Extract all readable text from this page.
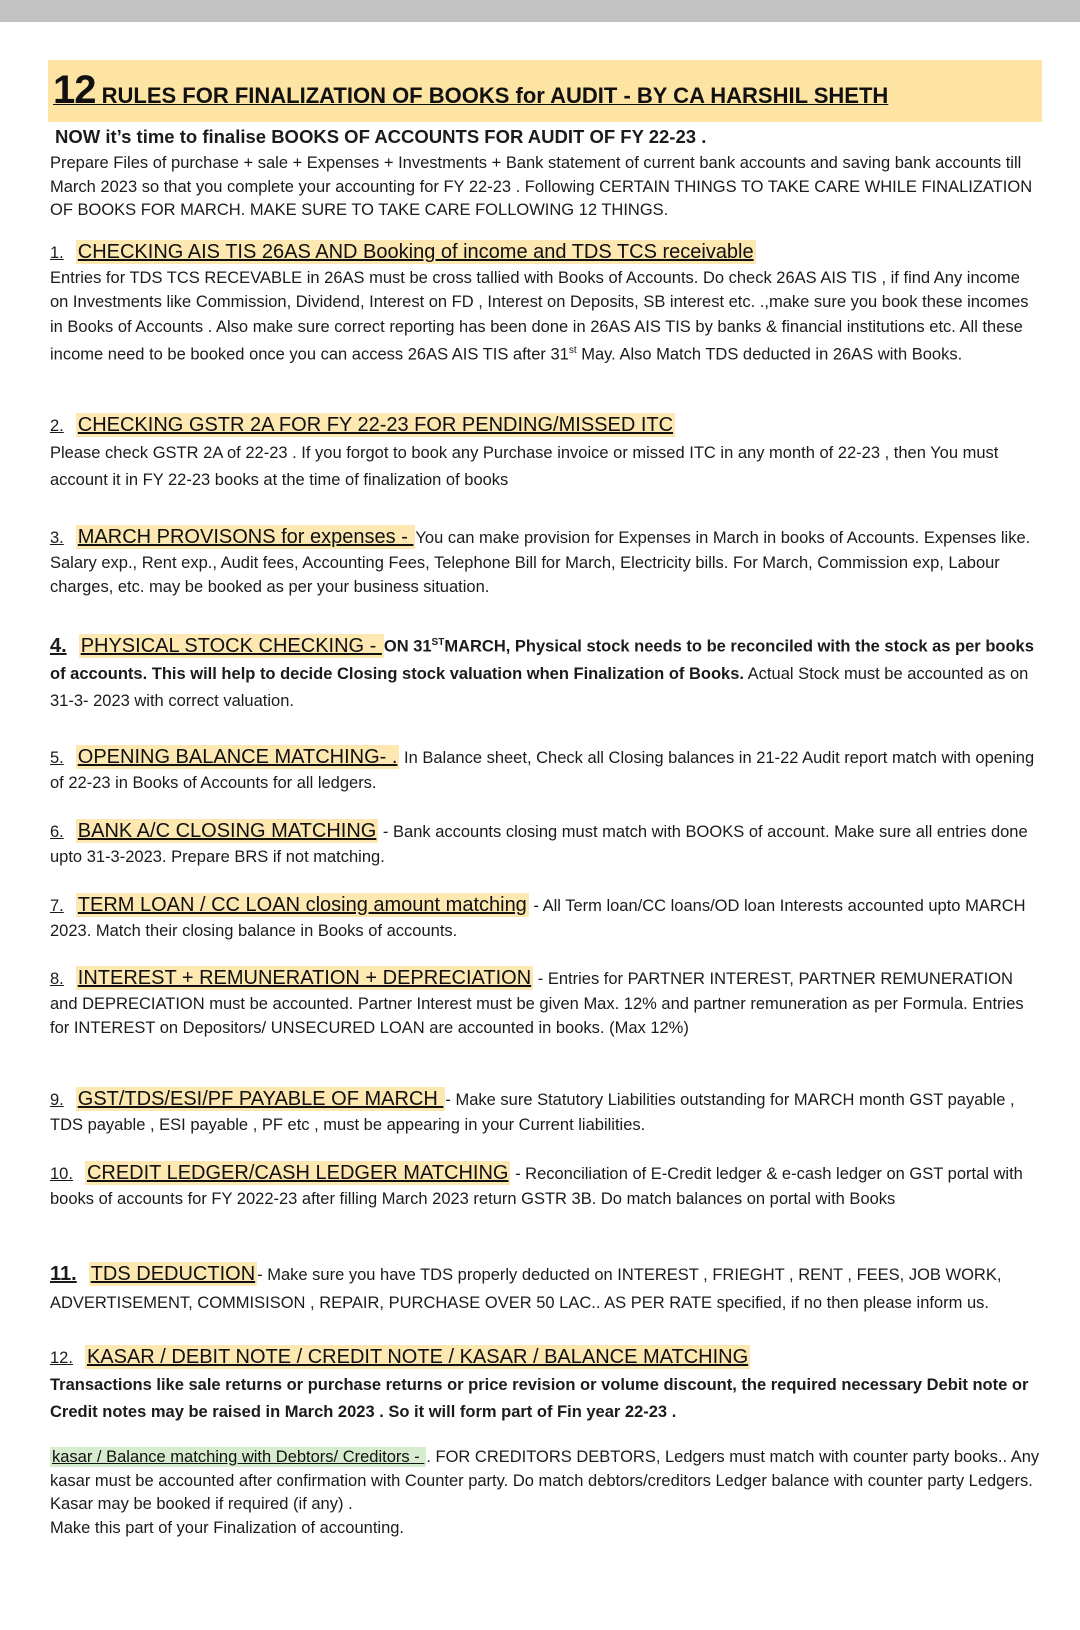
12 RULES FOR FINALIZATION OF BOOKS for AUDIT - BY CA HARSHIL SHETH
NOW it’s time to finalise BOOKS OF ACCOUNTS FOR AUDIT OF FY 22-23 .
Prepare Files of purchase + sale + Expenses + Investments + Bank statement of current bank accounts and saving bank accounts till March 2023 so that you complete your accounting for FY 22-23 . Following CERTAIN THINGS TO TAKE CARE WHILE FINALIZATION OF BOOKS FOR MARCH. MAKE SURE TO TAKE CARE FOLLOWING 12 THINGS.
1. CHECKING AIS TIS 26AS AND Booking of income and TDS TCS receivable
Entries for TDS TCS RECEVABLE in 26AS must be cross tallied with Books of Accounts. Do check 26AS AIS TIS , if find Any income on Investments like Commission, Dividend, Interest on FD , Interest on Deposits, SB interest etc. .,make sure you book these incomes in Books of Accounts . Also make sure correct reporting has been done in 26AS AIS TIS by banks & financial institutions etc. All these income need to be booked once you can access 26AS AIS TIS after 31st May. Also Match TDS deducted in 26AS with Books.
2. CHECKING GSTR 2A FOR FY 22-23 FOR PENDING/MISSED ITC
Please check GSTR 2A of 22-23 . If you forgot to book any Purchase invoice or missed ITC in any month of 22-23 , then You must account it in FY 22-23 books at the time of finalization of books
3. MARCH PROVISONS for expenses - You can make provision for Expenses in March in books of Accounts. Expenses like. Salary exp., Rent exp., Audit fees, Accounting Fees, Telephone Bill for March, Electricity bills. For March, Commission exp, Labour charges, etc. may be booked as per your business situation.
4. PHYSICAL STOCK CHECKING - ON 31STMARCH, Physical stock needs to be reconciled with the stock as per books of accounts. This will help to decide Closing stock valuation when Finalization of Books. Actual Stock must be accounted as on 31-3- 2023 with correct valuation.
5. OPENING BALANCE MATCHING- . In Balance sheet, Check all Closing balances in 21-22 Audit report match with opening of 22-23 in Books of Accounts for all ledgers.
6. BANK A/C CLOSING MATCHING - Bank accounts closing must match with BOOKS of account. Make sure all entries done upto 31-3-2023. Prepare BRS if not matching.
7. TERM LOAN / CC LOAN closing amount matching - All Term loan/CC loans/OD loan Interests accounted upto MARCH 2023. Match their closing balance in Books of accounts.
8. INTEREST + REMUNERATION + DEPRECIATION - Entries for PARTNER INTEREST, PARTNER REMUNERATION and DEPRECIATION must be accounted. Partner Interest must be given Max. 12% and partner remuneration as per Formula. Entries for INTEREST on Depositors/ UNSECURED LOAN are accounted in books. (Max 12%)
9. GST/TDS/ESI/PF PAYABLE OF MARCH - Make sure Statutory Liabilities outstanding for MARCH month GST payable , TDS payable , ESI payable , PF etc , must be appearing in your Current liabilities.
10. CREDIT LEDGER/CASH LEDGER MATCHING - Reconciliation of E-Credit ledger & e-cash ledger on GST portal with books of accounts for FY 2022-23 after filling March 2023 return GSTR 3B. Do match balances on portal with Books
11. TDS DEDUCTION - Make sure you have TDS properly deducted on INTEREST , FRIEGHT , RENT , FEES, JOB WORK, ADVERTISEMENT, COMMISISON , REPAIR, PURCHASE OVER 50 LAC.. AS PER RATE specified, if no then please inform us.
12. KASAR / DEBIT NOTE / CREDIT NOTE / KASAR / BALANCE MATCHING
Transactions like sale returns or purchase returns or price revision or volume discount, the required necessary Debit note or Credit notes may be raised in March 2023 . So it will form part of Fin year 22-23 .
kasar / Balance matching with Debtors/ Creditors - . FOR CREDITORS DEBTORS, Ledgers must match with counter party books.. Any kasar must be accounted after confirmation with Counter party. Do match debtors/creditors Ledger balance with counter party Ledgers. Kasar may be booked if required (if any) .
Make this part of your Finalization of accounting.
